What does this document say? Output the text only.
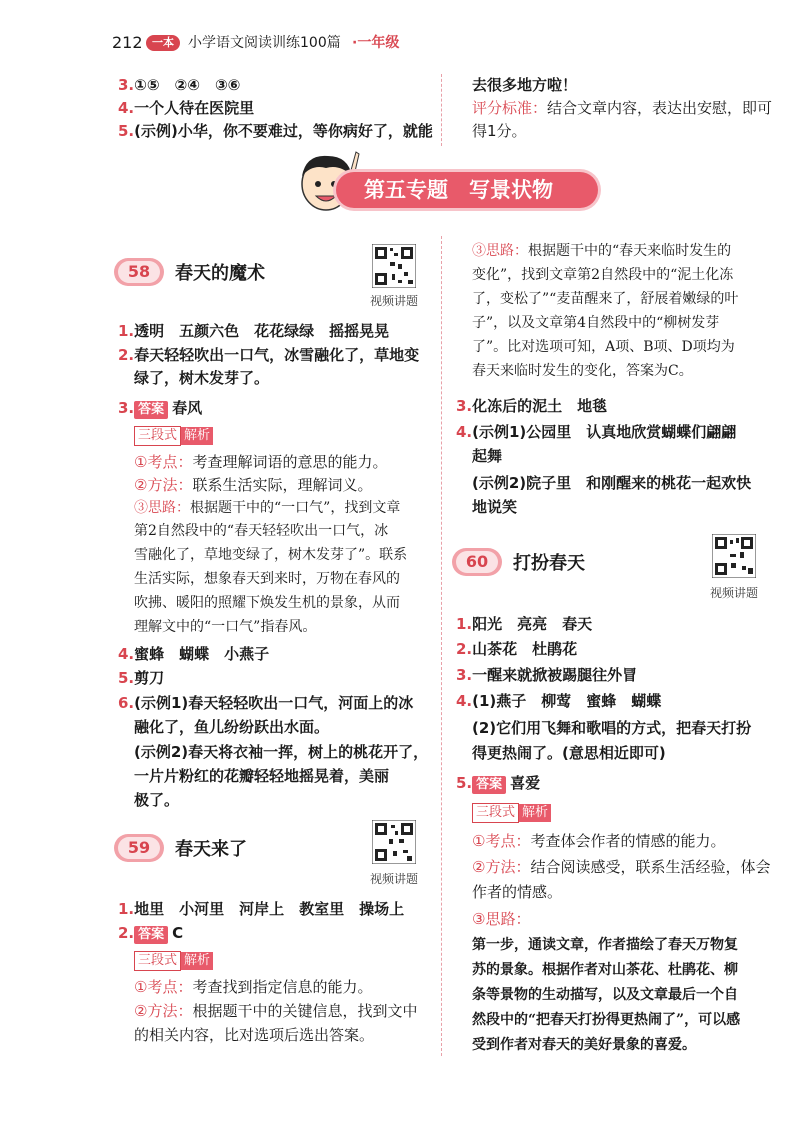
212 一本	小学语文阅读训练100篇 ·一年级
3.①⑤　②④　③⑥
4.一个人待在医院里
5.(示例)小华，你不要难过，等你病好了，就能
去很多地方啦！
评分标准：结合文章内容，表达出安慰，即可
得1分。
第五专题　写景状物
58	春天的魔术
视频讲题
1.透明　五颜六色　花花绿绿　摇摇晃晃
2.春天轻轻吹出一口气，冰雪融化了，草地变
绿了，树木发芽了。
3. 答案 春风
三段式 解析
①考点：考查理解词语的意思的能力。
②方法：联系生活实际，理解词义。
③思路：根据题干中的“一口气”，找到文章
第2自然段中的“春天轻轻吹出一口气，冰
雪融化了，草地变绿了，树木发芽了”。联系
生活实际，想象春天到来时，万物在春风的
吹拂、暖阳的照耀下焕发生机的景象，从而
理解文中的“一口气”指春风。
4.蜜蜂　蝴蝶　小燕子
5.剪刀
6.(示例1)春天轻轻吹出一口气，河面上的冰
融化了，鱼儿纷纷跃出水面。
(示例2)春天将衣袖一挥，树上的桃花开了，
一片片粉红的花瓣轻轻地摇晃着，美丽
极了。
59	春天来了
视频讲题
1.地里　小河里　河岸上　教室里　操场上
2. 答案 C
三段式 解析
①考点：考查找到指定信息的能力。
②方法：根据题干中的关键信息，找到文中
的相关内容，比对选项后选出答案。
③思路：根据题干中的“春天来临时发生的
变化”，找到文章第2自然段中的“泥土化冻
了，变松了”“麦苗醒来了，舒展着嫩绿的叶
子”，以及文章第4自然段中的“柳树发芽
了”。比对选项可知，A项、B项、D项均为
春天来临时发生的变化，答案为C。
3.化冻后的泥土　地毯
4.(示例1)公园里　认真地欣赏蝴蝶们翩翩
起舞
(示例2)院子里　和刚醒来的桃花一起欢快
地说笑
60	打扮春天
视频讲题
1.阳光　亮亮　春天
2.山茶花　杜鹃花
3.一醒来就掀被踢腿往外冒
4.(1)燕子　柳莺　蜜蜂　蝴蝶
(2)它们用飞舞和歌唱的方式，把春天打扮
得更热闹了。(意思相近即可)
5. 答案 喜爱
三段式 解析
①考点：考查体会作者的情感的能力。
②方法：结合阅读感受，联系生活经验，体会
作者的情感。
③思路：
第一步，通读文章，作者描绘了春天万物复
苏的景象。根据作者对山茶花、杜鹃花、柳
条等景物的生动描写，以及文章最后一个自
然段中的“把春天打扮得更热闹了”，可以感
受到作者对春天的美好景象的喜爱。
